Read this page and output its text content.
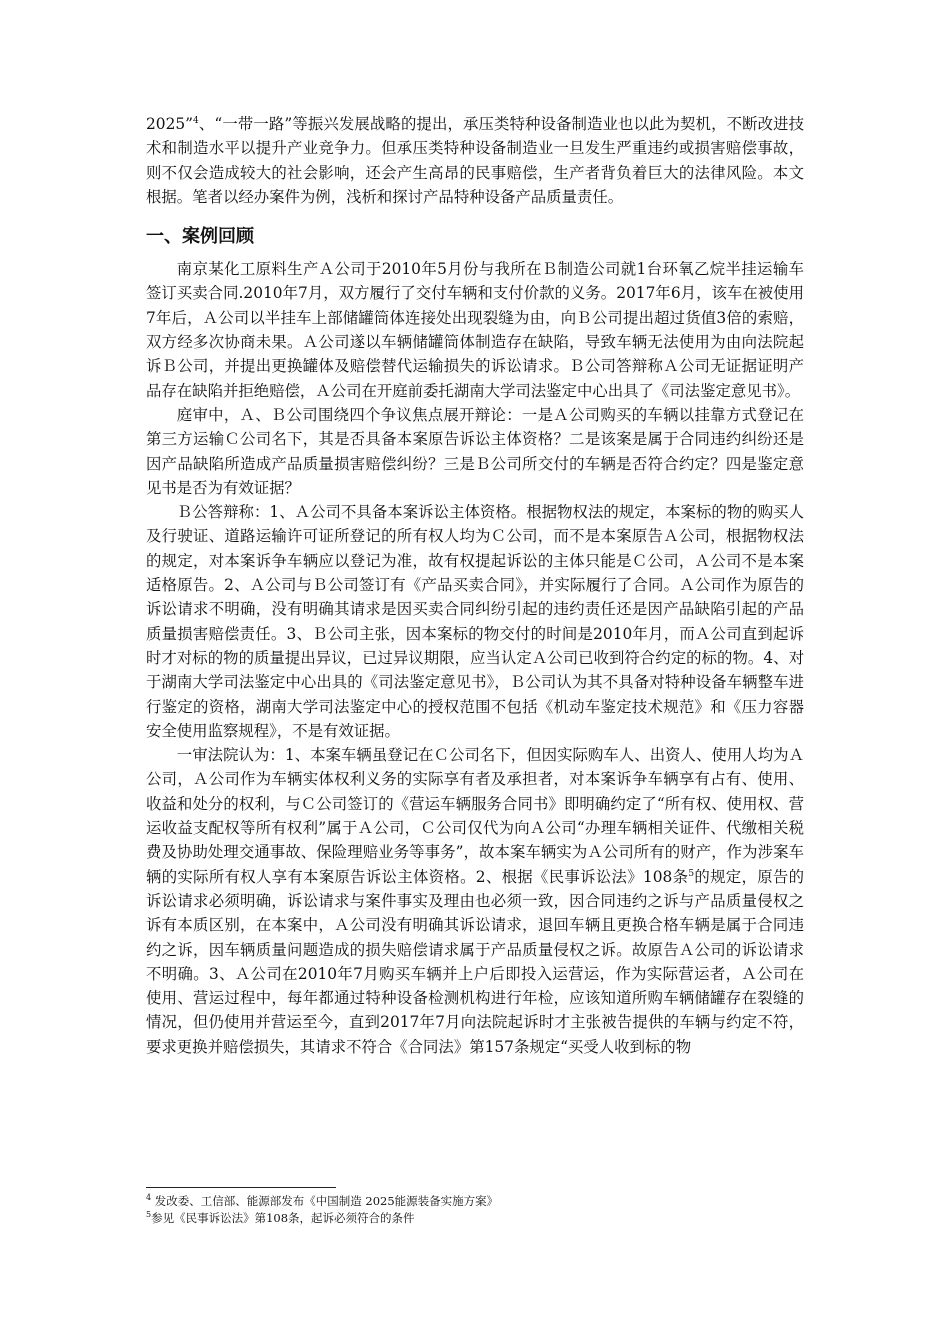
2025”$^4$、“一带一路”等振兴发展战略的提出，承压类特种设备制造业也以此为契机，不断改进技术和制造水平以提升产业竞争力。但承压类特种设备制造业一旦发生严重违约或损害赔偿事故，则不仅会造成较大的社会影响，还会产生高昂的民事赔偿，生产者背负着巨大的法律风险。本文根据。笔者以经办案件为例，浅析和探讨产品特种设备产品质量责任。

一、案例回顾

南京某化工原料生产Ａ公司于2010年5月份与我所在Ｂ制造公司就1台环氧乙烷半挂运输车签订买卖合同.2010年7月，双方履行了交付车辆和支付价款的义务。2017年6月，该车在被使用7年后，Ａ公司以半挂车上部储罐筒体连接处出现裂缝为由，向Ｂ公司提出超过货值3倍的索赔，双方经多次协商未果。Ａ公司遂以车辆储罐筒体制造存在缺陷，导致车辆无法使用为由向法院起诉Ｂ公司，并提出更换罐体及赔偿替代运输损失的诉讼请求。Ｂ公司答辩称Ａ公司无证据证明产品存在缺陷并拒绝赔偿，Ａ公司在开庭前委托湖南大学司法鉴定中心出具了《司法鉴定意见书》。

庭审中，Ａ、Ｂ公司围绕四个争议焦点展开辩论：一是Ａ公司购买的车辆以挂靠方式登记在第三方运输Ｃ公司名下，其是否具备本案原告诉讼主体资格？二是该案是属于合同违约纠纷还是因产品缺陷所造成产品质量损害赔偿纠纷？三是Ｂ公司所交付的车辆是否符合约定？四是鉴定意见书是否为有效证据？

Ｂ公答辩称：1、Ａ公司不具备本案诉讼主体资格。根据物权法的规定，本案标的物的购买人及行驶证、道路运输许可证所登记的所有权人均为Ｃ公司，而不是本案原告Ａ公司，根据物权法的规定，对本案诉争车辆应以登记为准，故有权提起诉讼的主体只能是Ｃ公司，Ａ公司不是本案适格原告。2、Ａ公司与Ｂ公司签订有《产品买卖合同》，并实际履行了合同。Ａ公司作为原告的诉讼请求不明确，没有明确其请求是因买卖合同纠纷引起的违约责任还是因产品缺陷引起的产品质量损害赔偿责任。3、Ｂ公司主张，因本案标的物交付的时间是2010年月，而Ａ公司直到起诉时才对标的物的质量提出异议，已过异议期限，应当认定Ａ公司已收到符合约定的标的物。4、对于湖南大学司法鉴定中心出具的《司法鉴定意见书》，Ｂ公司认为其不具备对特种设备车辆整车进行鉴定的资格，湖南大学司法鉴定中心的授权范围不包括《机动车鉴定技术规范》和《压力容器安全使用监察规程》，不是有效证据。

一审法院认为：1、本案车辆虽登记在Ｃ公司名下，但因实际购车人、出资人、使用人均为Ａ公司，Ａ公司作为车辆实体权利义务的实际享有者及承担者，对本案诉争车辆享有占有、使用、收益和处分的权利，与Ｃ公司签订的《营运车辆服务合同书》即明确约定了“所有权、使用权、营运收益支配权等所有权利”属于Ａ公司，Ｃ公司仅代为向Ａ公司“办理车辆相关证件、代缴相关税费及协助处理交通事故、保险理赔业务等事务”，故本案车辆实为Ａ公司所有的财产，作为涉案车辆的实际所有权人享有本案原告诉讼主体资格。2、根据《民事诉讼法》108条$^5$的规定，原告的诉讼请求必须明确，诉讼请求与案件事实及理由也必须一致，因合同违约之诉与产品质量侵权之诉有本质区别，在本案中，Ａ公司没有明确其诉讼请求，退回车辆且更换合格车辆是属于合同违约之诉，因车辆质量问题造成的损失赔偿请求属于产品质量侵权之诉。故原告Ａ公司的诉讼请求不明确。3、Ａ公司在2010年7月购买车辆并上户后即投入运营运，作为实际营运者，Ａ公司在使用、营运过程中，每年都通过特种设备检测机构进行年检，应该知道所购车辆储罐存在裂缝的情况，但仍使用并营运至今，直到2017年7月向法院起诉时才主张被告提供的车辆与约定不符，要求更换并赔偿损失，其请求不符合《合同法》第157条规定“买受人收到标的物

$^4$ 发改委、工信部、能源部发布《中国制造 2025能源装备实施方案》

$^5$参见《民事诉讼法》第108条，起诉必须符合的条件
